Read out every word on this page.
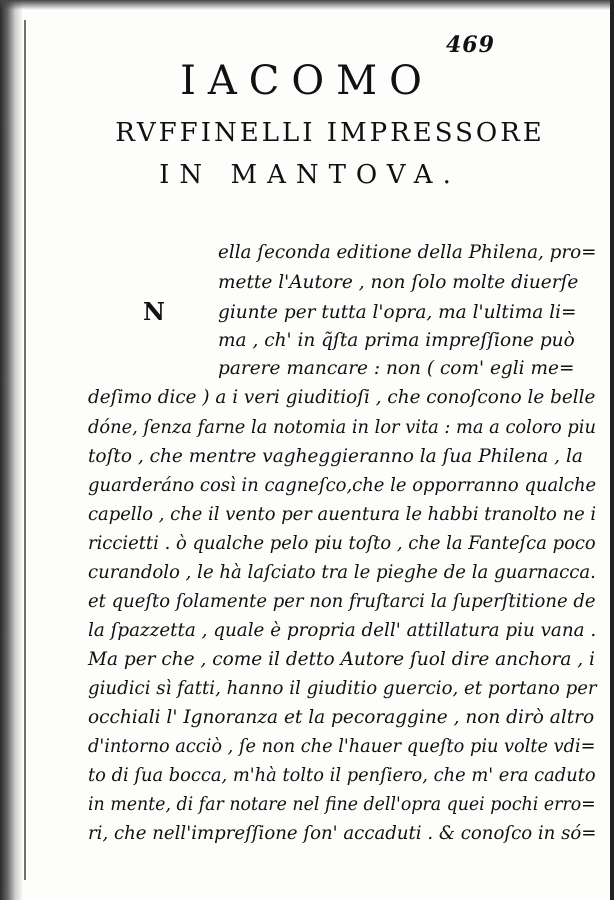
469
IACOMO
RVFFINELLI IMPRESSORE
IN MANTOVA.
N
ella ſeconda editione della Philena, pro=
mette l'Autore , non ſolo molte diuerſe
giunte per tutta l'opra, ma l'ultima li=
ma , ch' in q̃ſta prima impreſſione può
parere mancare : non ( com' egli me=
deſimo dice ) a i veri giuditioſi , che conoſcono le belle
dóne, ſenza farne la notomia in lor vita : ma a coloro piu
toſto , che mentre vagheggieranno la ſua Philena , la
guarderáno così in cagneſco,che le opporranno qualche
capello , che il vento per auentura le habbi tranolto ne i
riccietti . ò qualche pelo piu toſto , che la Fanteſca poco
curandolo , le hà laſciato tra le pieghe de la guarnacca.
et queſto ſolamente per non fruſtarci la ſuperſtitione de
la ſpazzetta , quale è propria dell' attillatura piu vana .
Ma per che , come il detto Autore ſuol dire anchora , i
giudici sì fatti, hanno il giuditio guercio, et portano per
occhiali l' Ignoranza et la pecoraggine , non dirò altro
d'intorno acciò , ſe non che l'hauer queſto piu volte vdi=
to di ſua bocca, m'hà tolto il penſiero, che m' era caduto
in mente, di far notare nel fine dell'opra quei pochi erro=
ri, che nell'impreſſione ſon' accaduti . & conoſco in só=
